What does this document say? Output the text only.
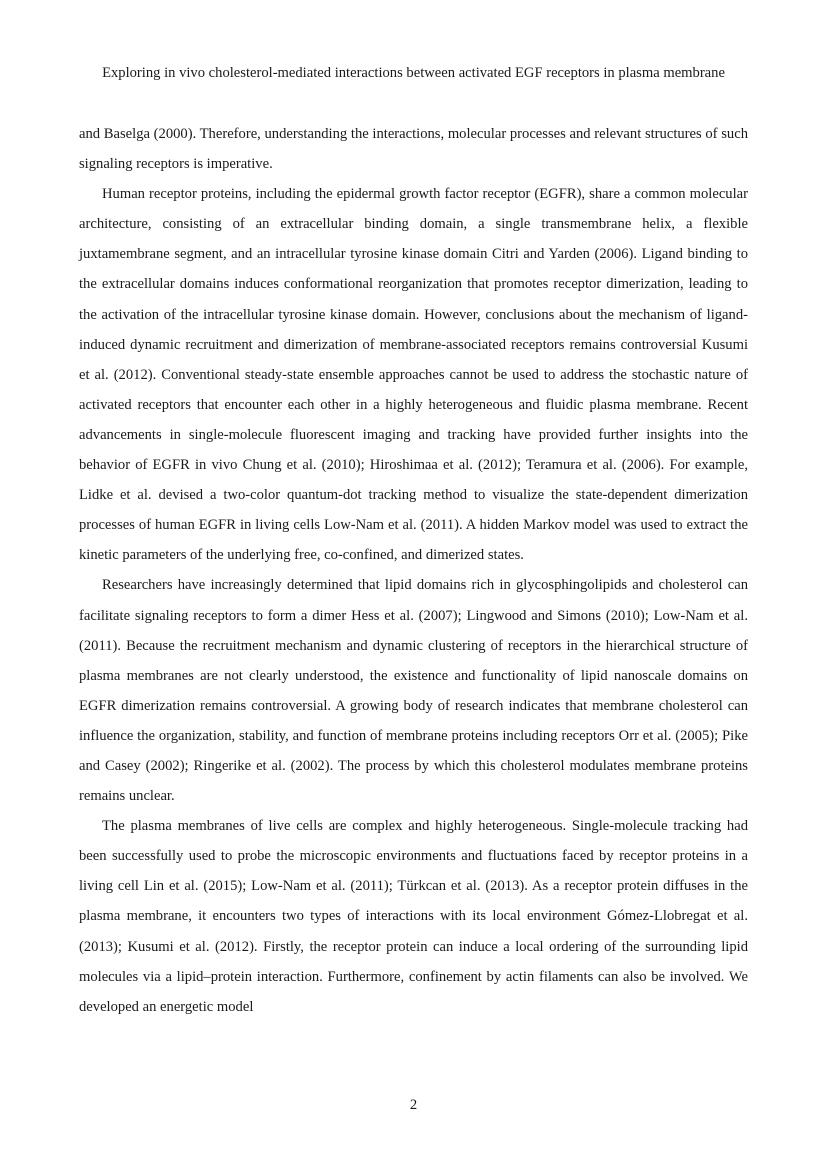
Exploring in vivo cholesterol-mediated interactions between activated EGF receptors in plasma membrane

and Baselga (2000). Therefore, understanding the interactions, molecular processes and relevant structures of such signaling receptors is imperative.

Human receptor proteins, including the epidermal growth factor receptor (EGFR), share a common molecular architecture, consisting of an extracellular binding domain, a single transmembrane helix, a flexible juxtamembrane segment, and an intracellular tyrosine kinase domain Citri and Yarden (2006). Ligand binding to the extracellular domains induces conformational reorganization that promotes receptor dimerization, leading to the activation of the intracellular tyrosine kinase domain. However, conclusions about the mechanism of ligand-induced dynamic recruitment and dimerization of membrane-associated receptors remains controversial Kusumi et al. (2012). Conventional steady-state ensemble approaches cannot be used to address the stochastic nature of activated receptors that encounter each other in a highly heterogeneous and fluidic plasma membrane. Recent advancements in single-molecule fluorescent imaging and tracking have provided further insights into the behavior of EGFR in vivo Chung et al. (2010); Hiroshimaa et al. (2012); Teramura et al. (2006). For example, Lidke et al. devised a two-color quantum-dot tracking method to visualize the state-dependent dimerization processes of human EGFR in living cells Low-Nam et al. (2011). A hidden Markov model was used to extract the kinetic parameters of the underlying free, co-confined, and dimerized states.

Researchers have increasingly determined that lipid domains rich in glycosphingolipids and cholesterol can facilitate signaling receptors to form a dimer Hess et al. (2007); Lingwood and Simons (2010); Low-Nam et al. (2011). Because the recruitment mechanism and dynamic clustering of receptors in the hierarchical structure of plasma membranes are not clearly understood, the existence and functionality of lipid nanoscale domains on EGFR dimerization remains controversial. A growing body of research indicates that membrane cholesterol can influence the organization, stability, and function of membrane proteins including receptors Orr et al. (2005); Pike and Casey (2002); Ringerike et al. (2002). The process by which this cholesterol modulates membrane proteins remains unclear.

The plasma membranes of live cells are complex and highly heterogeneous. Single-molecule tracking had been successfully used to probe the microscopic environments and fluctuations faced by receptor proteins in a living cell Lin et al. (2015); Low-Nam et al. (2011); Türkcan et al. (2013). As a receptor protein diffuses in the plasma membrane, it encounters two types of interactions with its local environment Gómez-Llobregat et al. (2013); Kusumi et al. (2012). Firstly, the receptor protein can induce a local ordering of the surrounding lipid molecules via a lipid–protein interaction. Furthermore, confinement by actin filaments can also be involved. We developed an energetic model

2
